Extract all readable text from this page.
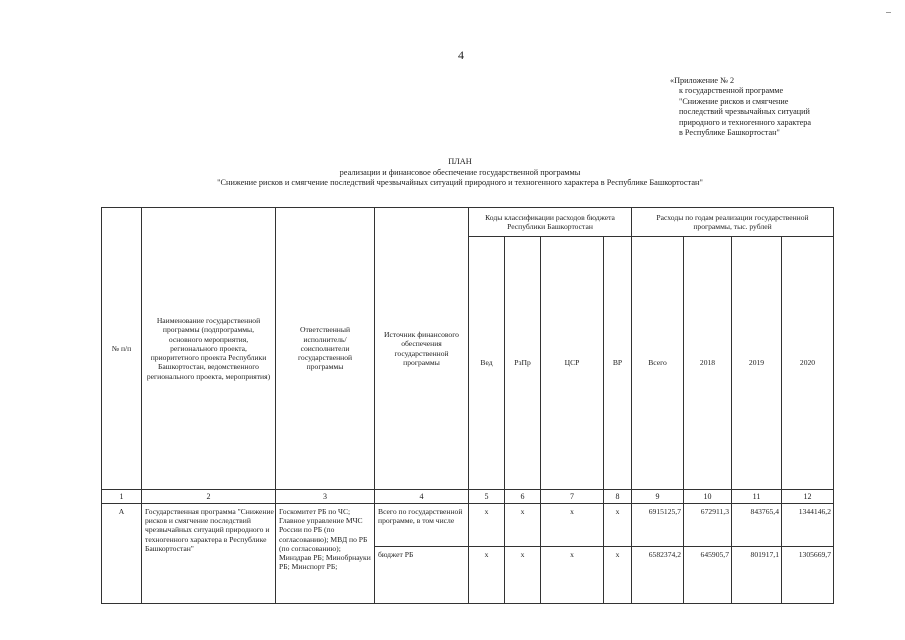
4
«Приложение № 2
к государственной программе
"Снижение рисков и смягчение
последствий чрезвычайных ситуаций
природного и техногенного характера
в Республике Башкортостан"
ПЛАН
реализации и финансовое обеспечение государственной программы
"Снижение рисков и смягчение последствий чрезвычайных ситуаций природного и техногенного характера в Республике Башкортостан"
№ п/п	Наименование государственной программы (подпрограммы, основного мероприятия, регионального проекта, приоритетного проекта Республики Башкортостан, ведомственного регионального проекта, мероприятия)	Ответственный исполнитель/ соисполнители государственной программы	Источник финансового обеспечения государственной программы	Коды классификации расходов бюджета Республики Башкортостан				Расходы по годам реализации государственной программы, тыс. рублей			
				Вед	РзПр	ЦСР	ВР	Всего	2018	2019	2020
1	2	3	4	5	6	7	8	9	10	11	12
А	Государственная программа "Снижение рисков и смягчение последствий чрезвычайных ситуаций природного и техногенного характера в Республике Башкортостан"	Госкомитет РБ по ЧС; Главное управление МЧС России по РБ (по согласованию); МВД по РБ (по согласованию); Минздрав РБ; Минобрнауки РБ; Минспорт РБ;	Всего по государственной программе, в том числе	x	x	x	x	6915125,7	672911,3	843765,4	1344146,2
			бюджет РБ	x	x	x	x	6582374,2	645905,7	801917,1	1305669,7
